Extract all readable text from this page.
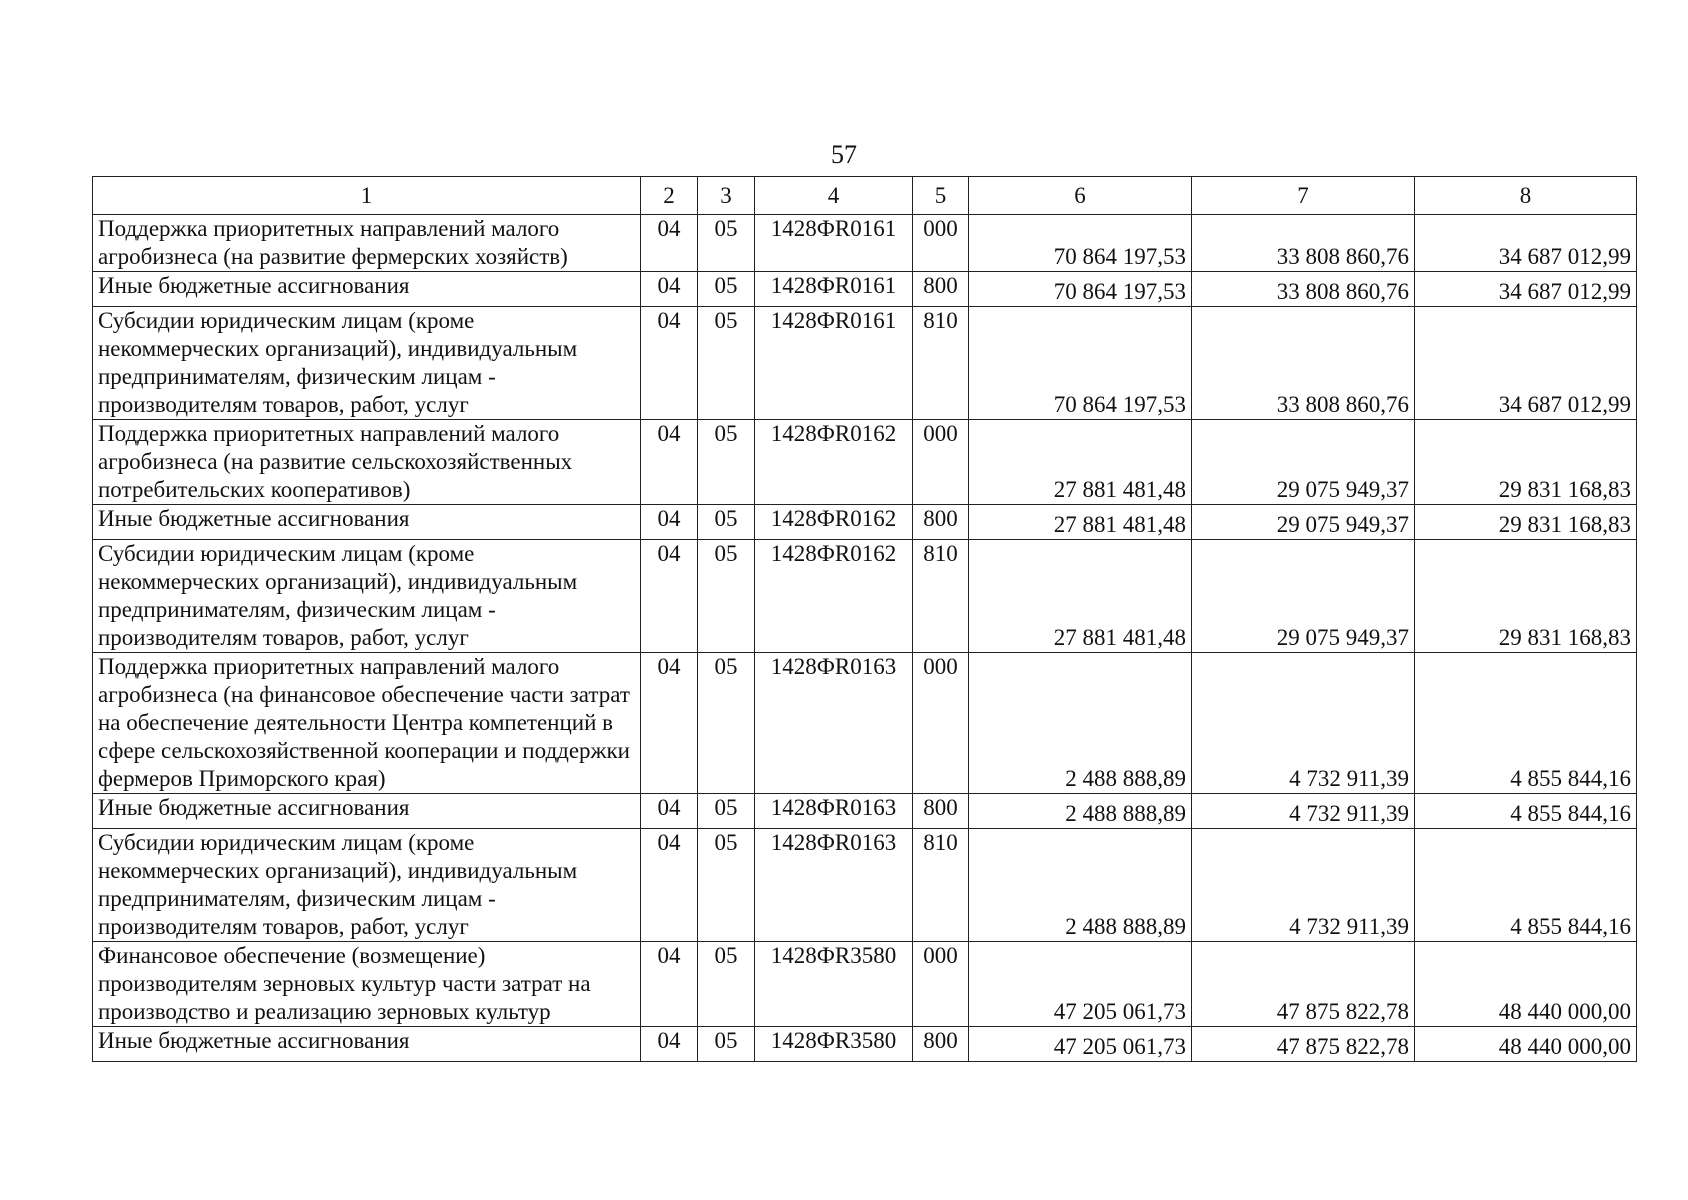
57
1	2	3	4	5	6	7	8
Поддержка приоритетных направлений малого агробизнеса (на развитие фермерских хозяйств)	04	05	1428ФR0161	000	70 864 197,53	33 808 860,76	34 687 012,99
Иные бюджетные ассигнования	04	05	1428ФR0161	800	70 864 197,53	33 808 860,76	34 687 012,99
Субсидии юридическим лицам (кроме некоммерческих организаций), индивидуальным предпринимателям, физическим лицам - производителям товаров, работ, услуг	04	05	1428ФR0161	810	70 864 197,53	33 808 860,76	34 687 012,99
Поддержка приоритетных направлений малого агробизнеса (на развитие сельскохозяйственных потребительских кооперативов)	04	05	1428ФR0162	000	27 881 481,48	29 075 949,37	29 831 168,83
Иные бюджетные ассигнования	04	05	1428ФR0162	800	27 881 481,48	29 075 949,37	29 831 168,83
Субсидии юридическим лицам (кроме некоммерческих организаций), индивидуальным предпринимателям, физическим лицам - производителям товаров, работ, услуг	04	05	1428ФR0162	810	27 881 481,48	29 075 949,37	29 831 168,83
Поддержка приоритетных направлений малого агробизнеса (на финансовое обеспечение части затрат на обеспечение деятельности Центра компетенций в сфере сельскохозяйственной кооперации и поддержки фермеров Приморского края)	04	05	1428ФR0163	000	2 488 888,89	4 732 911,39	4 855 844,16
Иные бюджетные ассигнования	04	05	1428ФR0163	800	2 488 888,89	4 732 911,39	4 855 844,16
Субсидии юридическим лицам (кроме некоммерческих организаций), индивидуальным предпринимателям, физическим лицам - производителям товаров, работ, услуг	04	05	1428ФR0163	810	2 488 888,89	4 732 911,39	4 855 844,16
Финансовое обеспечение (возмещение) производителям зерновых культур части затрат на производство и реализацию зерновых культур	04	05	1428ФR3580	000	47 205 061,73	47 875 822,78	48 440 000,00
Иные бюджетные ассигнования	04	05	1428ФR3580	800	47 205 061,73	47 875 822,78	48 440 000,00
